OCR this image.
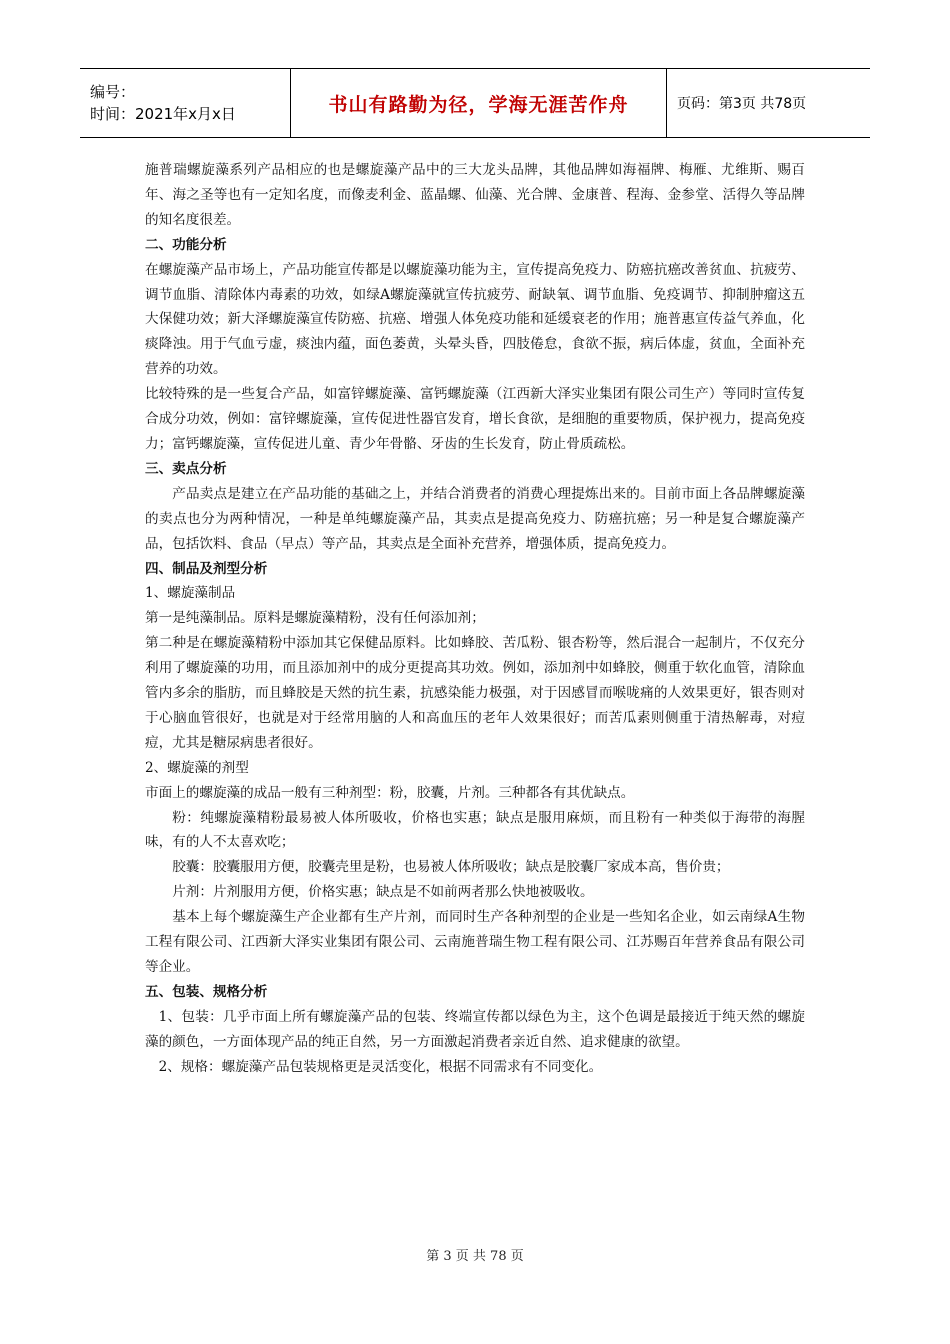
编号：
时间：2021年x月x日	书山有路勤为径，学海无涯苦作舟	页码：第3页 共78页

施普瑞螺旋藻系列产品相应的也是螺旋藻产品中的三大龙头品牌，其他品牌如海福牌、梅雁、尤维斯、赐百年、海之圣等也有一定知名度，而像麦利金、蓝晶螺、仙藻、光合牌、金康普、程海、金参堂、活得久等品牌的知名度很差。

二、功能分析

在螺旋藻产品市场上，产品功能宣传都是以螺旋藻功能为主，宣传提高免疫力、防癌抗癌改善贫血、抗疲劳、调节血脂、清除体内毒素的功效，如绿A螺旋藻就宣传抗疲劳、耐缺氧、调节血脂、免疫调节、抑制肿瘤这五大保健功效；新大泽螺旋藻宣传防癌、抗癌、增强人体免疫功能和延缓衰老的作用；施普惠宣传益气养血，化痰降浊。用于气血亏虚，痰浊内蕴，面色萎黄，头晕头昏，四肢倦怠，食欲不振，病后体虚，贫血，全面补充营养的功效。

比较特殊的是一些复合产品，如富锌螺旋藻、富钙螺旋藻（江西新大泽实业集团有限公司生产）等同时宣传复合成分功效，例如：富锌螺旋藻，宣传促进性器官发育，增长食欲，是细胞的重要物质，保护视力，提高免疫力；富钙螺旋藻，宣传促进儿童、青少年骨骼、牙齿的生长发育，防止骨质疏松。

三、卖点分析

产品卖点是建立在产品功能的基础之上，并结合消费者的消费心理提炼出来的。目前市面上各品牌螺旋藻的卖点也分为两种情况，一种是单纯螺旋藻产品，其卖点是提高免疫力、防癌抗癌；另一种是复合螺旋藻产品，包括饮料、食品（早点）等产品，其卖点是全面补充营养，增强体质，提高免疫力。

四、制品及剂型分析

1、螺旋藻制品

第一是纯藻制品。原料是螺旋藻精粉，没有任何添加剂；

第二种是在螺旋藻精粉中添加其它保健品原料。比如蜂胶、苦瓜粉、银杏粉等，然后混合一起制片，不仅充分利用了螺旋藻的功用，而且添加剂中的成分更提高其功效。例如，添加剂中如蜂胶，侧重于软化血管，清除血管内多余的脂肪，而且蜂胶是天然的抗生素，抗感染能力极强，对于因感冒而喉咙痛的人效果更好，银杏则对于心脑血管很好，也就是对于经常用脑的人和高血压的老年人效果很好；而苦瓜素则侧重于清热解毒，对痘痘，尤其是糖尿病患者很好。

2、螺旋藻的剂型

市面上的螺旋藻的成品一般有三种剂型：粉，胶囊，片剂。三种都各有其优缺点。

粉：纯螺旋藻精粉最易被人体所吸收，价格也实惠；缺点是服用麻烦，而且粉有一种类似于海带的海腥味，有的人不太喜欢吃；

胶囊：胶囊服用方便，胶囊壳里是粉，也易被人体所吸收；缺点是胶囊厂家成本高，售价贵；

片剂：片剂服用方便，价格实惠；缺点是不如前两者那么快地被吸收。

基本上每个螺旋藻生产企业都有生产片剂，而同时生产各种剂型的企业是一些知名企业，如云南绿A生物工程有限公司、江西新大泽实业集团有限公司、云南施普瑞生物工程有限公司、江苏赐百年营养食品有限公司等企业。

五、包装、规格分析

1、包装：几乎市面上所有螺旋藻产品的包装、终端宣传都以绿色为主，这个色调是最接近于纯天然的螺旋藻的颜色，一方面体现产品的纯正自然，另一方面激起消费者亲近自然、追求健康的欲望。

2、规格：螺旋藻产品包装规格更是灵活变化，根据不同需求有不同变化。

第 3 页 共 78 页
